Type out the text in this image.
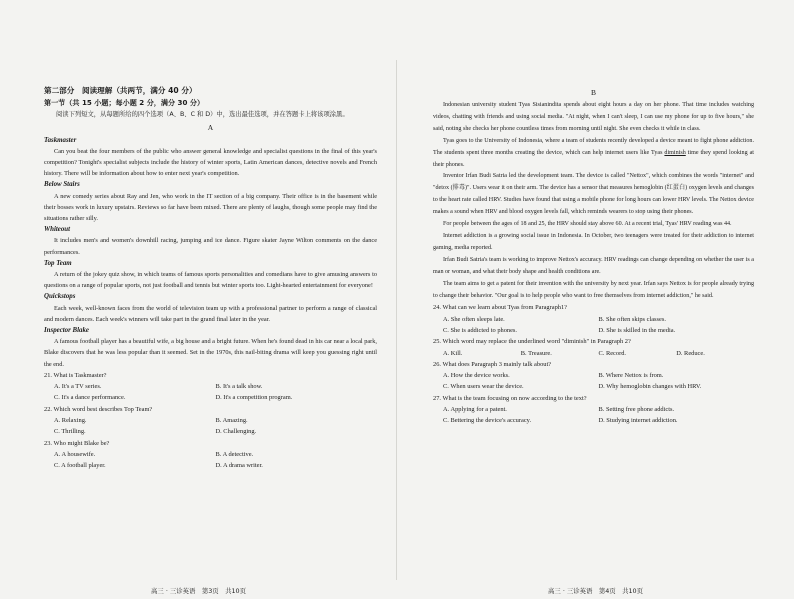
第二部分　阅读理解（共两节，满分 40 分）

第一节（共 15 小题；每小题 2 分，满分 30 分）

阅读下列短文，从每题所给的四个选项（A、B、C 和 D）中，选出最佳选项，并在答题卡上将该项涂黑。

A

Taskmaster

Can you beat the four members of the public who answer general knowledge and specialist questions in the final of this year's competition? Tonight's specialist subjects include the history of winter sports, Latin American dances, detective novels and French history. There will be information about how to enter next year's competition.

Below Stairs

A new comedy series about Ray and Jen, who work in the IT section of a big company. Their office is in the basement while their bosses work in luxury upstairs. Reviews so far have been mixed. There are plenty of laughs, though some people may find the situations rather silly.

Whiteout

It includes men's and women's downhill racing, jumping and ice dance. Figure skater Jayne Wilton comments on the dance performances.

Top Team

A return of the jokey quiz show, in which teams of famous sports personalities and comedians have to give amusing answers to questions on a range of popular sports, not just football and tennis but winter sports too. Light-hearted entertainment for everyone!

Quickstops

Each week, well-known faces from the world of television team up with a professional partner to perform a range of classical and modern dances. Each week's winners will take part in the grand final later in the year.

Inspector Blake

A famous football player has a beautiful wife, a big house and a bright future. When he's found dead in his car near a local park, Blake discovers that he was less popular than it seemed. Set in the 1970s, this nail-biting drama will keep you guessing right until the end.

21. What is Taskmaster?

A. It's a TV series.	B. It's a talk show.
C. It's a dance performance.	D. It's a competition program.

22. Which word best describes Top Team?

A. Relaxing.	B. Amazing.
C. Thrilling.	D. Challenging.

23. Who might Blake be?

A. A housewife.	B. A detective.
C. A football player.	D. A drama writer.
高三 · 三诊英语　第3页　共10页

B

Indonesian university student Tyas Sisianindita spends about eight hours a day on her phone. That time includes watching videos, chatting with friends and using social media. "At night, when I can't sleep, I can use my phone for up to five hours," she said, noting she checks her phone countless times from morning until night. She even checks it while in class.

Tyas goes to the University of Indonesia, where a team of students recently developed a device meant to fight phone addiction. The students spent three months creating the device, which can help internet users like Tyas diminish time they spend looking at their phones.

Inventor Irfan Budi Satria led the development team. The device is called "Nettox", which combines the words "internet" and "detox (排毒)". Users wear it on their arm. The device has a sensor that measures hemoglobin (红蛋白) oxygen levels and changes to the heart rate called HRV. Studies have found that using a mobile phone for long hours can lower HRV levels. The Nettox device makes a sound when HRV and blood oxygen levels fall, which reminds wearers to stop using their phones.

For people between the ages of 18 and 25, the HRV should stay above 60. At a recent trial, Tyas' HRV reading was 44.

Internet addiction is a growing social issue in Indonesia. In October, two teenagers were treated for their addiction to internet gaming, media reported.

Irfan Budi Satria's team is working to improve Nettox's accuracy. HRV readings can change depending on whether the user is a man or woman, and what their body shape and health conditions are.

The team aims to get a patent for their invention with the university by next year. Irfan says Nettox is for people already trying to change their behavior. "Our goal is to help people who want to free themselves from internet addiction," he said.

24. What can we learn about Tyas from Paragraph1?

A. She often sleeps late.	B. She often skips classes.
C. She is addicted to phones.	D. She is skilled in the media.

25. Which word may replace the underlined word "diminish" in Paragraph 2?

A. Kill.	B. Treasure.	C. Record.	D. Reduce.

26. What does Paragraph 3 mainly talk about?

A. How the device works.	B. Where Nettox is from.
C. When users wear the device.	D. Why hemoglobin changes with HRV.

27. What is the team focusing on now according to the text?

A. Applying for a patent.	B. Setting free phone addicts.
C. Bettering the device's accuracy.	D. Studying internet addiction.
高三 · 三诊英语　第4页　共10页
